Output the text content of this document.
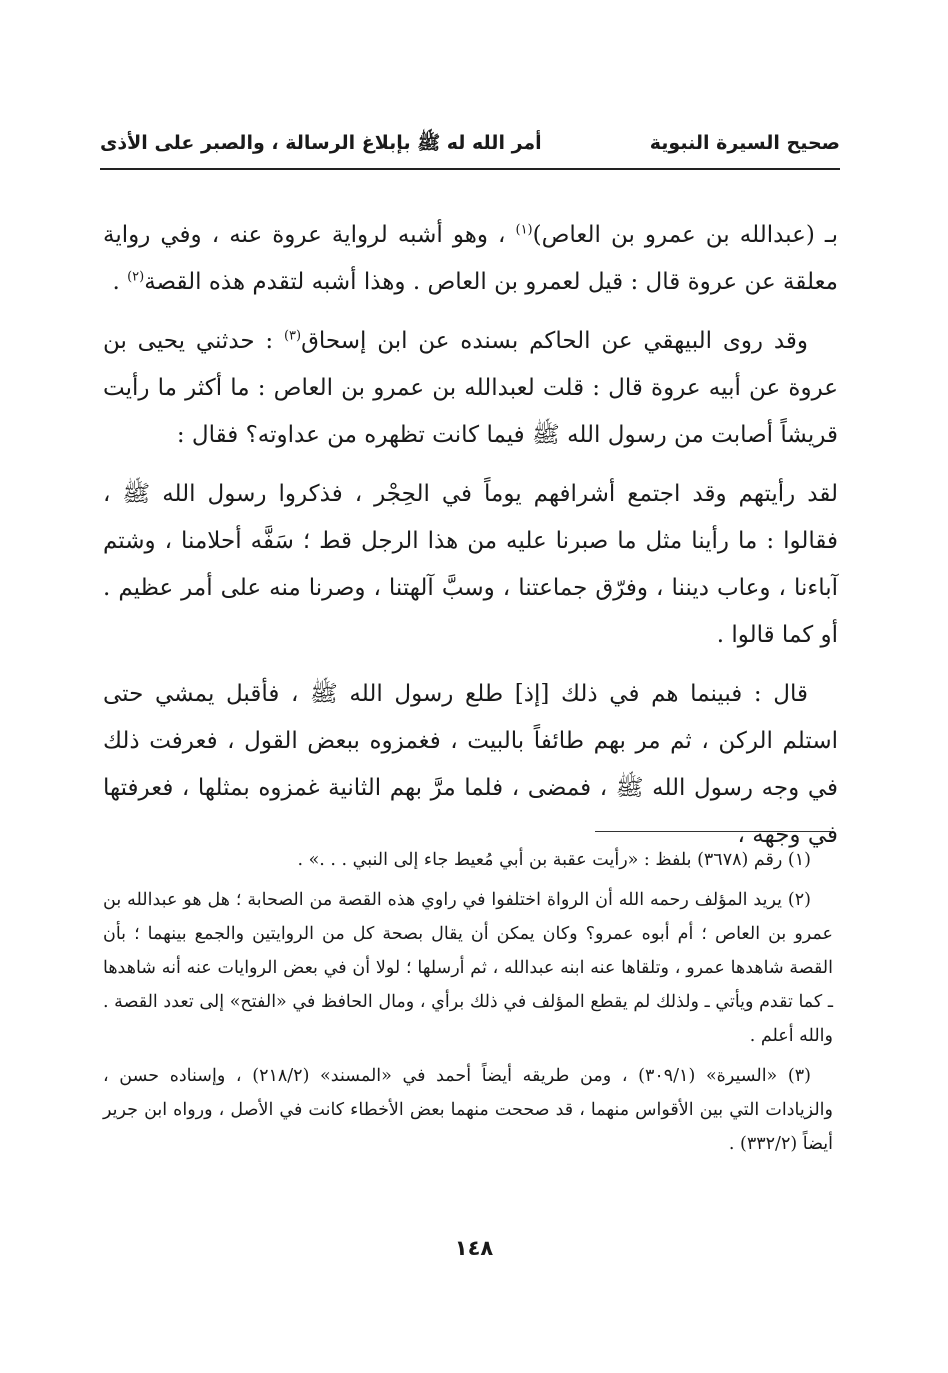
صحيح السيرة النبوية
أمر الله له ﷺ بإبلاغ الرسالة ، والصبر على الأذى

بـ (عبدالله بن عمرو بن العاص)$^{(١)}$ ، وهو أشبه لرواية عروة عنه ، وفي رواية معلقة عن عروة قال : قيل لعمرو بن العاص . وهذا أشبه لتقدم هذه القصة$^{(٢)}$ .

وقد روى البيهقي عن الحاكم بسنده عن ابن إسحاق$^{(٣)}$ : حدثني يحيى بن عروة عن أبيه عروة قال : قلت لعبدالله بن عمرو بن العاص : ما أكثر ما رأيت قريشاً أصابت من رسول الله ﷺ فيما كانت تظهره من عداوته؟ فقال :

لقد رأيتهم وقد اجتمع أشرافهم يوماً في الحِجْر ، فذكروا رسول الله ﷺ ، فقالوا : ما رأينا مثل ما صبرنا عليه من هذا الرجل قط ؛ سَفَّه أحلامنا ، وشتم آباءنا ، وعاب ديننا ، وفرّق جماعتنا ، وسبَّ آلهتنا ، وصرنا منه على أمر عظيم . أو كما قالوا .

قال : فبينما هم في ذلك [إذ] طلع رسول الله ﷺ ، فأقبل يمشي حتى استلم الركن ، ثم مر بهم طائفاً بالبيت ، فغمزوه ببعض القول ، فعرفت ذلك في وجه رسول الله ﷺ ، فمضى ، فلما مرَّ بهم الثانية غمزوه بمثلها ، فعرفتها في وجهه ،

(١) رقم (٣٦٧٨) بلفظ : «رأيت عقبة بن أبي مُعيط جاء إلى النبي . . .» .

(٢) يريد المؤلف رحمه الله أن الرواة اختلفوا في راوي هذه القصة من الصحابة ؛ هل هو عبدالله بن عمرو بن العاص ؛ أم أبوه عمرو؟ وكان يمكن أن يقال بصحة كل من الروايتين والجمع بينهما ؛ بأن القصة شاهدها عمرو ، وتلقاها عنه ابنه عبدالله ، ثم أرسلها ؛ لولا أن في بعض الروايات عنه أنه شاهدها ـ كما تقدم ويأتي ـ ولذلك لم يقطع المؤلف في ذلك برأي ، ومال الحافظ في «الفتح» إلى تعدد القصة . والله أعلم .

(٣) «السيرة» (٣٠٩/١) ، ومن طريقه أيضاً أحمد في «المسند» (٢١٨/٢) ، وإسناده حسن ، والزيادات التي بين الأقواس منهما ، قد صححت منهما بعض الأخطاء كانت في الأصل ، ورواه ابن جرير أيضاً (٣٣٢/٢) .

١٤٨
